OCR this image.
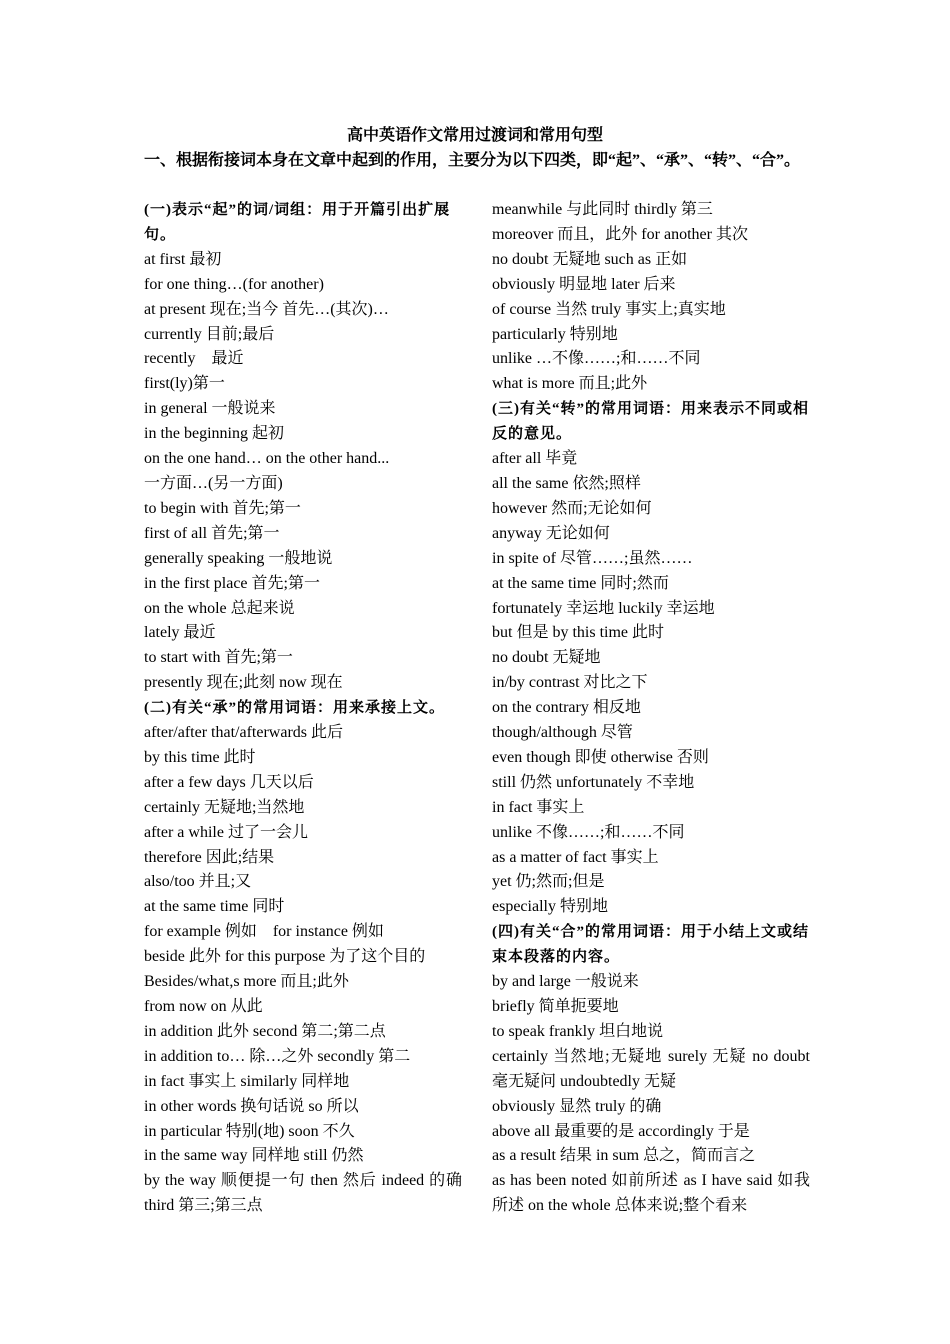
高中英语作文常用过渡词和常用句型
一、根据衔接词本身在文章中起到的作用，主要分为以下四类，即“起”、“承”、“转”、“合”。
(一)表示“起”的词/词组：用于开篇引出扩展句。
at first 最初
for one thing…(for another)
at present 现在;当今 首先…(其次)…
currently 目前;最后
recently　最近
first(ly)第一
in general 一般说来
in the beginning 起初
on the one hand… on the other hand...
一方面…(另一方面)
to begin with 首先;第一
first of all 首先;第一
generally speaking 一般地说
in the first place 首先;第一
on the whole 总起来说
lately 最近
to start with 首先;第一
presently 现在;此刻 now 现在
(二)有关“承”的常用词语：用来承接上文。
after/after that/afterwards 此后
by this time 此时
after a few days 几天以后
certainly 无疑地;当然地
after a while 过了一会儿
therefore 因此;结果
also/too 并且;又
at the same time 同时
for example 例如　for instance 例如
beside 此外 for this purpose 为了这个目的
Besides/what,s more 而且;此外
from now on 从此
in addition 此外 second 第二;第二点
in addition to… 除…之外 secondly 第二
in fact 事实上 similarly 同样地
in other words 换句话说 so 所以
in particular 特别(地) soon 不久
in the same way 同样地 still 仍然
by the way 顺便提一句 then 然后 indeed 的确 third 第三;第三点
meanwhile 与此同时 thirdly 第三
moreover 而且，此外 for another 其次
no doubt 无疑地 such as 正如
obviously 明显地 later 后来
of course 当然 truly 事实上;真实地
particularly 特别地
unlike …不像……;和……不同
what is more 而且;此外
(三)有关“转”的常用词语：用来表示不同或相反的意见。
after all 毕竟
all the same 依然;照样
however 然而;无论如何
anyway 无论如何
in spite of 尽管……;虽然……
at the same time 同时;然而
fortunately 幸运地 luckily 幸运地
but 但是 by this time 此时
no doubt 无疑地
in/by contrast 对比之下
on the contrary 相反地
though/although 尽管
even though 即使 otherwise 否则
still 仍然 unfortunately 不幸地
in fact 事实上
unlike 不像……;和……不同
as a matter of fact 事实上
yet 仍;然而;但是
especially 特别地
(四)有关“合”的常用词语：用于小结上文或结束本段落的内容。
by and large 一般说来
briefly 简单扼要地
to speak frankly 坦白地说
certainly 当然地;无疑地 surely 无疑 no doubt 毫无疑问 undoubtedly 无疑
obviously 显然 truly 的确
above all 最重要的是 accordingly 于是
as a result 结果 in sum 总之，简而言之
as has been noted 如前所述 as I have said 如我所述 on the whole 总体来说;整个看来
